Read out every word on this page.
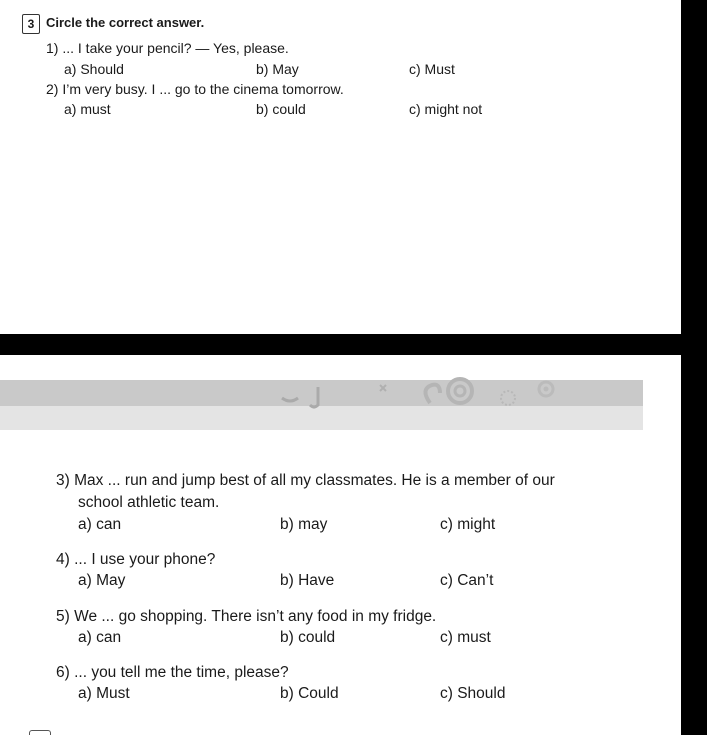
3 Circle the correct answer.
1) ... I take your pencil? — Yes, please.
a) Should	b) May	c) Must
2) I’m very busy. I ... go to the cinema tomorrow.
a) must	b) could	c) might not
3) Max ... run and jump best of all my classmates. He is a member of our
school athletic team.
a) can	b) may	c) might
4) ... I use your phone?
a) May	b) Have	c) Can’t
5) We ... go shopping. There isn’t any food in my fridge.
a) can	b) could	c) must
6) ... you tell me the time, please?
a) Must	b) Could	c) Should
